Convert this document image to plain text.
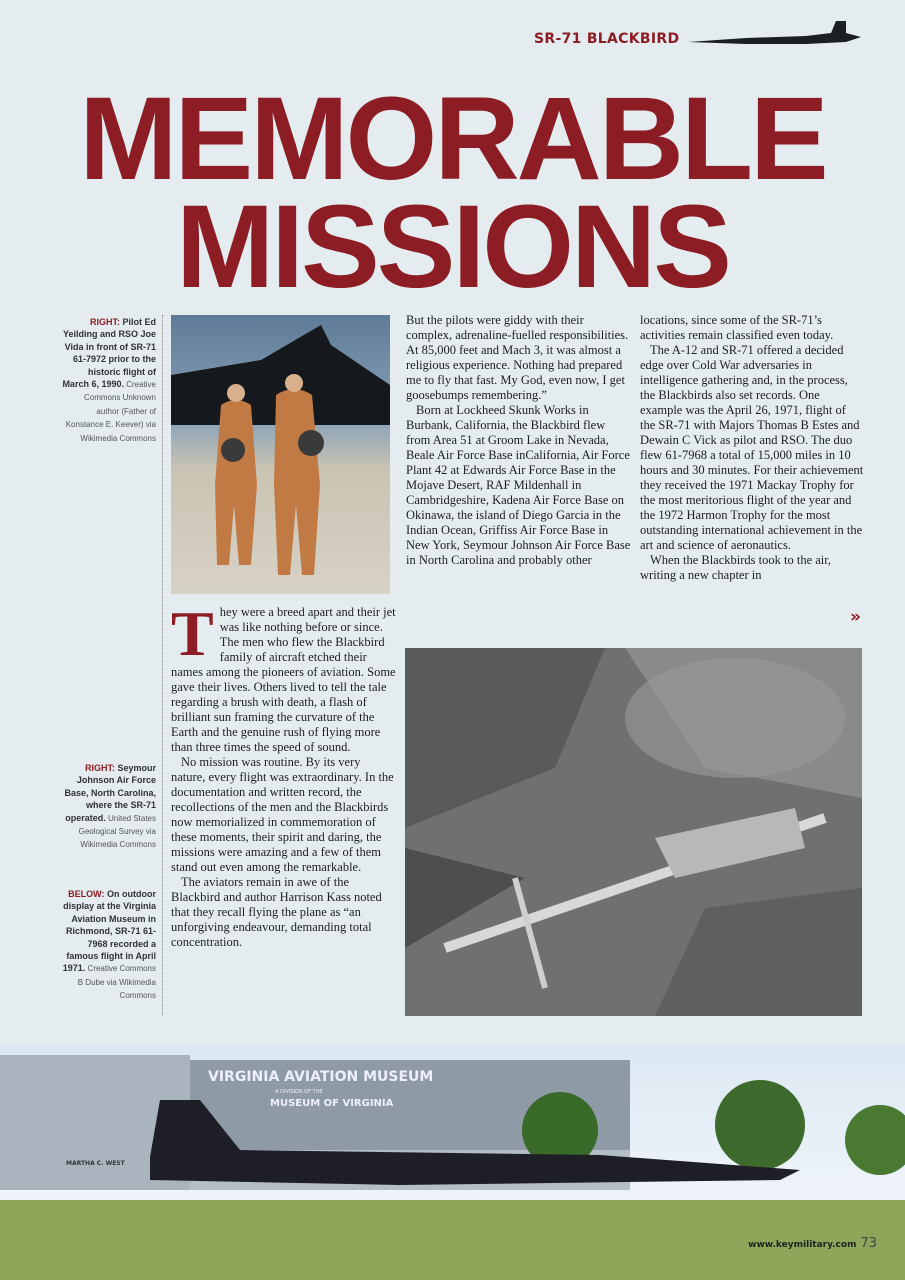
SR-71 BLACKBIRD
MEMORABLE
MISSIONS
RIGHT: Pilot Ed Yeilding and RSO Joe Vida in front of SR-71 61-7972 prior to the historic flight of March 6, 1990. Creative Commons Unknown author (Father of Konstance E. Keever) via Wikimedia Commons
RIGHT: Seymour Johnson Air Force Base, North Carolina, where the SR-71 operated. United States Geological Survey via Wikimedia Commons
BELOW: On outdoor display at the Virginia Aviation Museum in Richmond, SR-71 61-7968 recorded a famous flight in April 1971. Creative Commons B Dube via Wikimedia Commons

They were a breed apart and their jet was like nothing before or since. The men who flew the Blackbird family of aircraft etched their names among the pioneers of aviation. Some gave their lives. Others lived to tell the tale regarding a brush with death, a flash of brilliant sun framing the curvature of the Earth and the genuine rush of flying more than three times the speed of sound.

No mission was routine. By its very nature, every flight was extraordinary. In the documentation and written record, the recollections of the men and the Blackbirds now memorialized in commemoration of these moments, their spirit and daring, the missions were amazing and a few of them stand out even among the remarkable.

The aviators remain in awe of the Blackbird and author Harrison Kass noted that they recall flying the plane as “an unforgiving endeavour, demanding total concentration.

But the pilots were giddy with their complex, adrenaline-fuelled responsibilities. At 85,000 feet and Mach 3, it was almost a religious experience. Nothing had prepared me to fly that fast. My God, even now, I get goosebumps remembering.”

Born at Lockheed Skunk Works in Burbank, California, the Blackbird flew from Area 51 at Groom Lake in Nevada, Beale Air Force Base inCalifornia, Air Force Plant 42 at Edwards Air Force Base in the Mojave Desert, RAF Mildenhall in Cambridgeshire, Kadena Air Force Base on Okinawa, the island of Diego Garcia in the Indian Ocean, Griffiss Air Force Base in New York, Seymour Johnson Air Force Base in North Carolina and probably other

locations, since some of the SR-71’s activities remain classified even today.

The A-12 and SR-71 offered a decided edge over Cold War adversaries in intelligence gathering and, in the process, the Blackbirds also set records. One example was the April 26, 1971, flight of the SR-71 with Majors Thomas B Estes and Dewain C Vick as pilot and RSO. The duo flew 61-7968 a total of 15,000 miles in 10 hours and 30 minutes. For their achievement they received the 1971 Mackay Trophy for the most meritorious flight of the year and the 1972 Harmon Trophy for the most outstanding international achievement in the art and science of aeronautics.

When the Blackbirds took to the air, writing a new chapter in

VIRGINIA AVIATION MUSEUM
A DIVISION OF THE
MUSEUM OF VIRGINIA
MARTHA C. WEST
»
www.keymilitary.com 73
